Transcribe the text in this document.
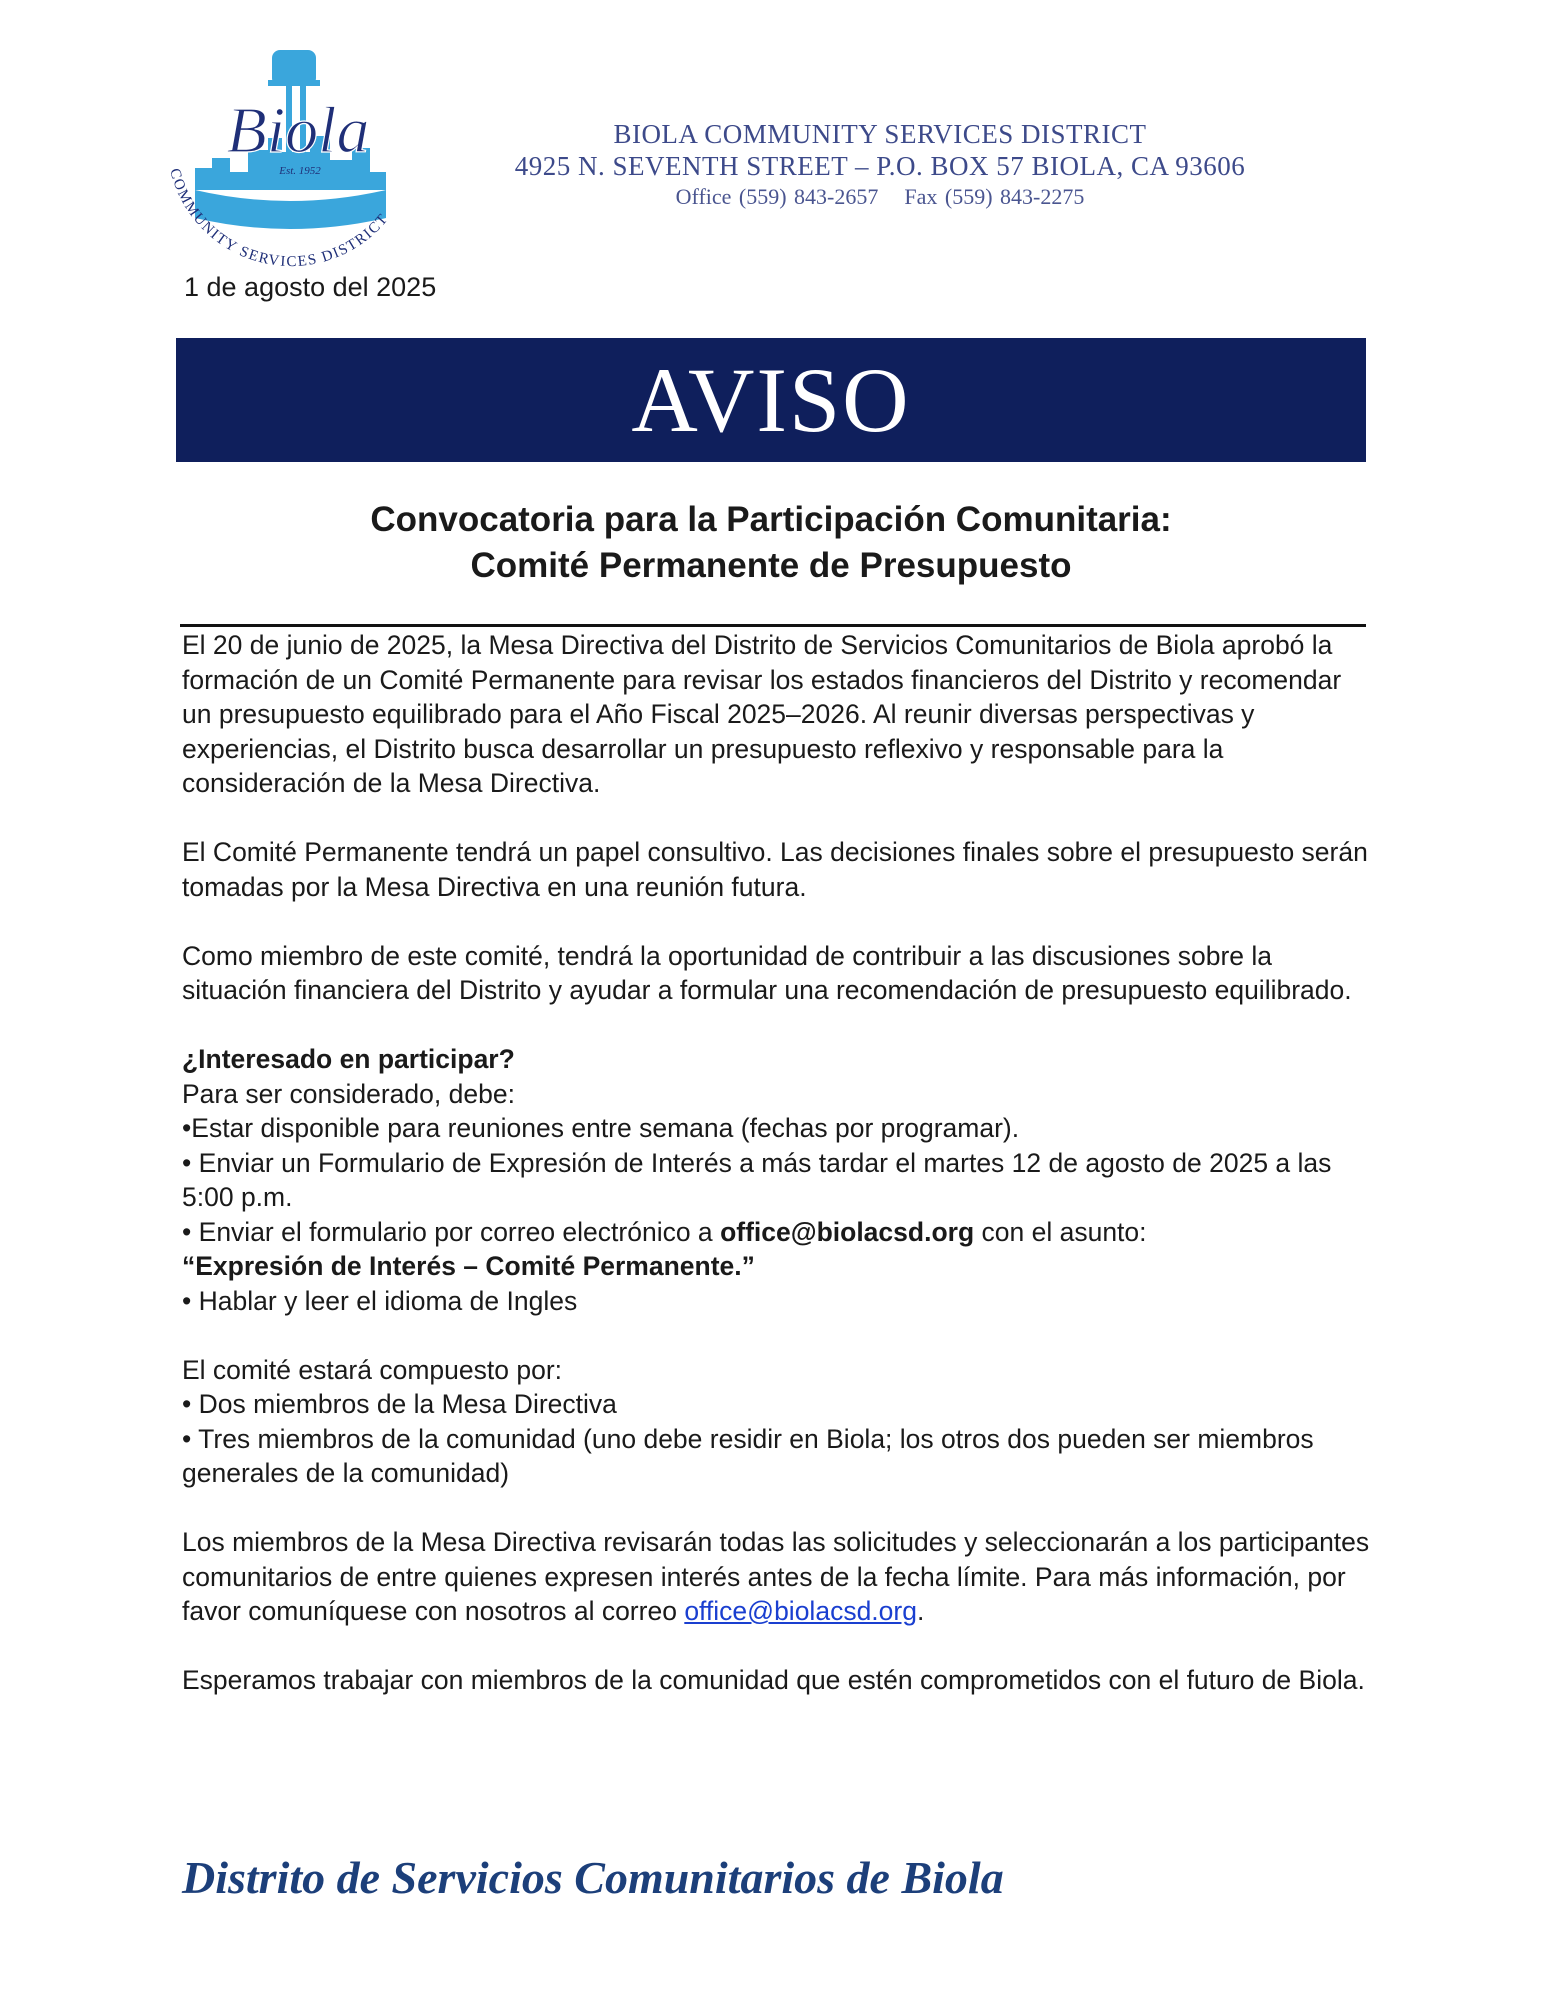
Biola
Est. 1952
COMMUNITY SERVICES DISTRICT
BIOLA COMMUNITY SERVICES DISTRICT
4925 N. SEVENTH STREET – P.O. BOX 57 BIOLA, CA 93606
Office (559) 843-2657 Fax (559) 843-2275
1 de agosto del 2025
AVISO
Convocatoria para la Participación Comunitaria:
Comité Permanente de Presupuesto

El 20 de junio de 2025, la Mesa Directiva del Distrito de Servicios Comunitarios de Biola aprobó la formación de un Comité Permanente para revisar los estados financieros del Distrito y recomendar un presupuesto equilibrado para el Año Fiscal 2025–2026. Al reunir diversas perspectivas y experiencias, el Distrito busca desarrollar un presupuesto reflexivo y responsable para la consideración de la Mesa Directiva.

El Comité Permanente tendrá un papel consultivo. Las decisiones finales sobre el presupuesto serán tomadas por la Mesa Directiva en una reunión futura.

Como miembro de este comité, tendrá la oportunidad de contribuir a las discusiones sobre la situación financiera del Distrito y ayudar a formular una recomendación de presupuesto equilibrado.

¿Interesado en participar?
Para ser considerado, debe:
•Estar disponible para reuniones entre semana (fechas por programar).
• Enviar un Formulario de Expresión de Interés a más tardar el martes 12 de agosto de 2025 a las 5:00 p.m.
• Enviar el formulario por correo electrónico a office@biolacsd.org con el asunto:
“Expresión de Interés – Comité Permanente.”
• Hablar y leer el idioma de Ingles

El comité estará compuesto por:
• Dos miembros de la Mesa Directiva
• Tres miembros de la comunidad (uno debe residir en Biola; los otros dos pueden ser miembros generales de la comunidad)

Los miembros de la Mesa Directiva revisarán todas las solicitudes y seleccionarán a los participantes comunitarios de entre quienes expresen interés antes de la fecha límite. Para más información, por favor comuníquese con nosotros al correo office@biolacsd.org.

Esperamos trabajar con miembros de la comunidad que estén comprometidos con el futuro de Biola.

Distrito de Servicios Comunitarios de Biola
